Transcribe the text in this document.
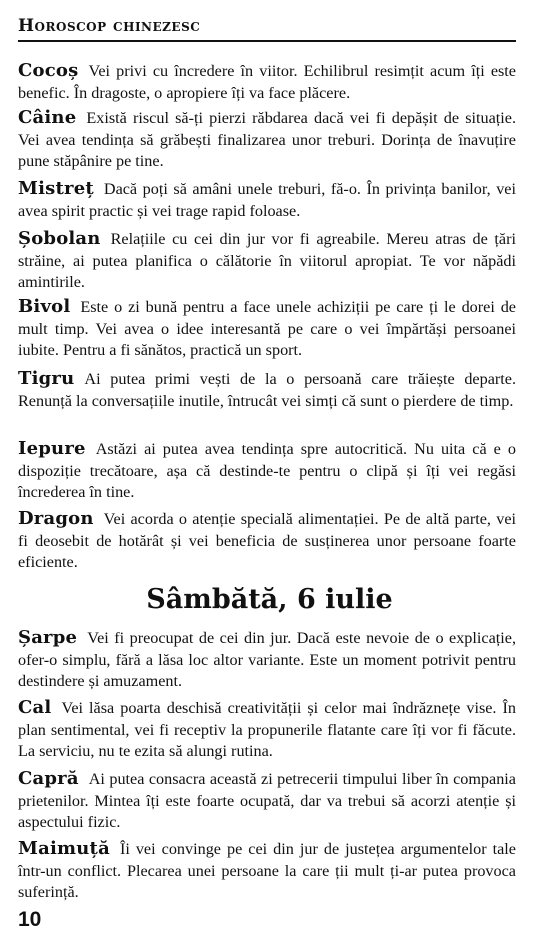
Horoscop chinezesc
Cocoș Vei privi cu încredere în viitor. Echilibrul resimțit acum îți este benefic. În dragoste, o apropiere îți va face plăcere.
Câine Există riscul să-ți pierzi răbdarea dacă vei fi depășit de situație. Vei avea tendința să grăbești finalizarea unor treburi. Dorința de înavuțire pune stăpânire pe tine.
Mistreț Dacă poți să amâni unele treburi, fă-o. În privința banilor, vei avea spirit practic și vei trage rapid foloase.
Șobolan Relațiile cu cei din jur vor fi agreabile. Mereu atras de țări străine, ai putea planifica o călătorie în viitorul apropiat. Te vor năpădi amintirile.
Bivol Este o zi bună pentru a face unele achiziții pe care ți le dorei de mult timp. Vei avea o idee interesantă pe care o vei împărtăși persoanei iubite. Pentru a fi sănătos, practică un sport.
Tigru Ai putea primi vești de la o persoană care trăiește departe. Renunță la conversațiile inutile, întrucât vei simți că sunt o pierdere de timp.
Iepure Astăzi ai putea avea tendința spre autocritică. Nu uita că e o dispoziție trecătoare, așa că destinde-te pentru o clipă și îți vei regăsi încrederea în tine.
Dragon Vei acorda o atenție specială alimentației. Pe de altă parte, vei fi deosebit de hotărât și vei beneficia de susținerea unor persoane foarte eficiente.
Sâmbătă, 6 iulie
Șarpe Vei fi preocupat de cei din jur. Dacă este nevoie de o explicație, ofer-o simplu, fără a lăsa loc altor variante. Este un moment potrivit pentru destindere și amuzament.
Cal Vei lăsa poarta deschisă creativității și celor mai îndrăznețe vise. În plan sentimental, vei fi receptiv la propunerile flatante care îți vor fi făcute. La serviciu, nu te ezita să alungi rutina.
Capră Ai putea consacra această zi petrecerii timpului liber în compania prietenilor. Mintea îți este foarte ocupată, dar va trebui să acorzi atenție și aspectului fizic.
Maimuță Îi vei convinge pe cei din jur de justețea argumentelor tale într-un conflict. Plecarea unei persoane la care ții mult ți-ar putea provoca suferință.
10
